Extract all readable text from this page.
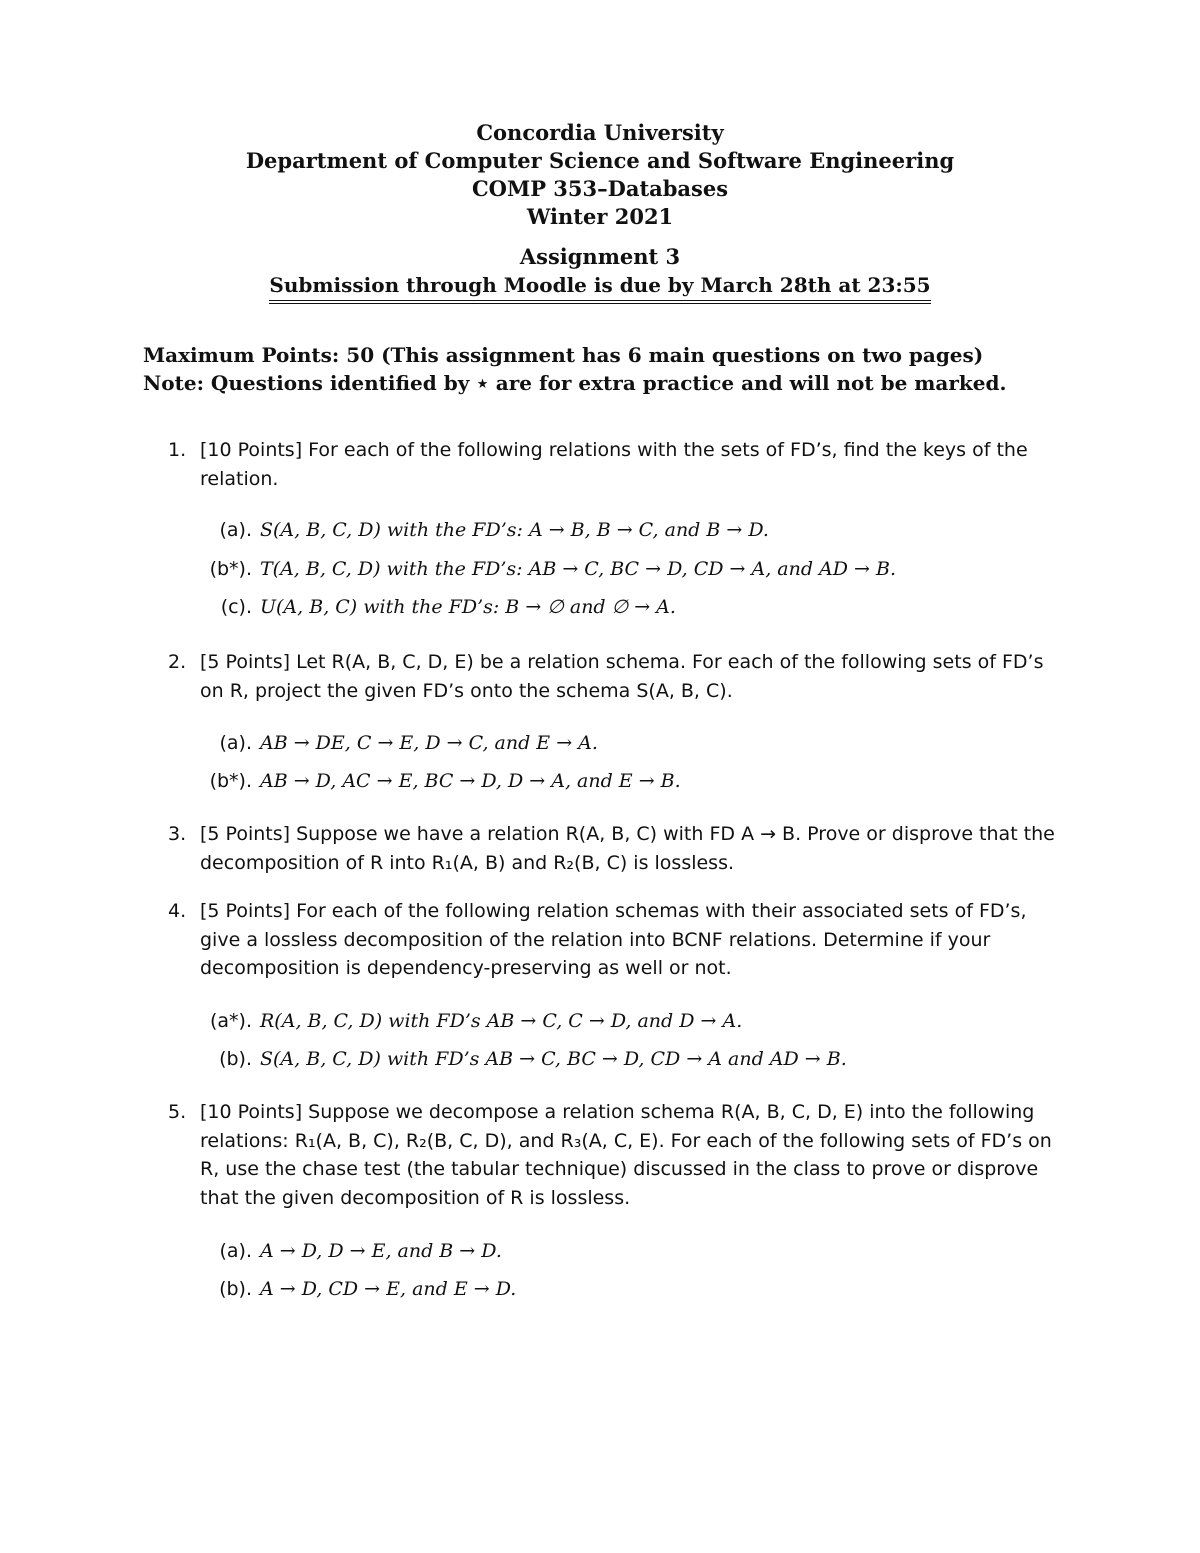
Concordia University
Department of Computer Science and Software Engineering
COMP 353–Databases
Winter 2021
Assignment 3
Submission through Moodle is due by March 28th at 23:55
Maximum Points: 50 (This assignment has 6 main questions on two pages)
Note: Questions identified by ⋆ are for extra practice and will not be marked.
1. [10 Points] For each of the following relations with the sets of FD’s, find the keys of the relation.
(a). S(A, B, C, D) with the FD’s: A → B, B → C, and B → D.
(b*). T(A, B, C, D) with the FD’s: AB → C, BC → D, CD → A, and AD → B.
(c). U(A, B, C) with the FD’s: B → ∅ and ∅ → A.
2. [5 Points] Let R(A, B, C, D, E) be a relation schema. For each of the following sets of FD’s on R, project the given FD’s onto the schema S(A, B, C).
(a). AB → DE, C → E, D → C, and E → A.
(b*). AB → D, AC → E, BC → D, D → A, and E → B.
3. [5 Points] Suppose we have a relation R(A, B, C) with FD A → B. Prove or disprove that the decomposition of R into R₁(A, B) and R₂(B, C) is lossless.
4. [5 Points] For each of the following relation schemas with their associated sets of FD’s, give a lossless decomposition of the relation into BCNF relations. Determine if your decomposition is dependency-preserving as well or not.
(a*). R(A, B, C, D) with FD’s AB → C, C → D, and D → A.
(b). S(A, B, C, D) with FD’s AB → C, BC → D, CD → A and AD → B.
5. [10 Points] Suppose we decompose a relation schema R(A, B, C, D, E) into the following relations: R₁(A, B, C), R₂(B, C, D), and R₃(A, C, E). For each of the following sets of FD’s on R, use the chase test (the tabular technique) discussed in the class to prove or disprove that the given decomposition of R is lossless.
(a). A → D, D → E, and B → D.
(b). A → D, CD → E, and E → D.
